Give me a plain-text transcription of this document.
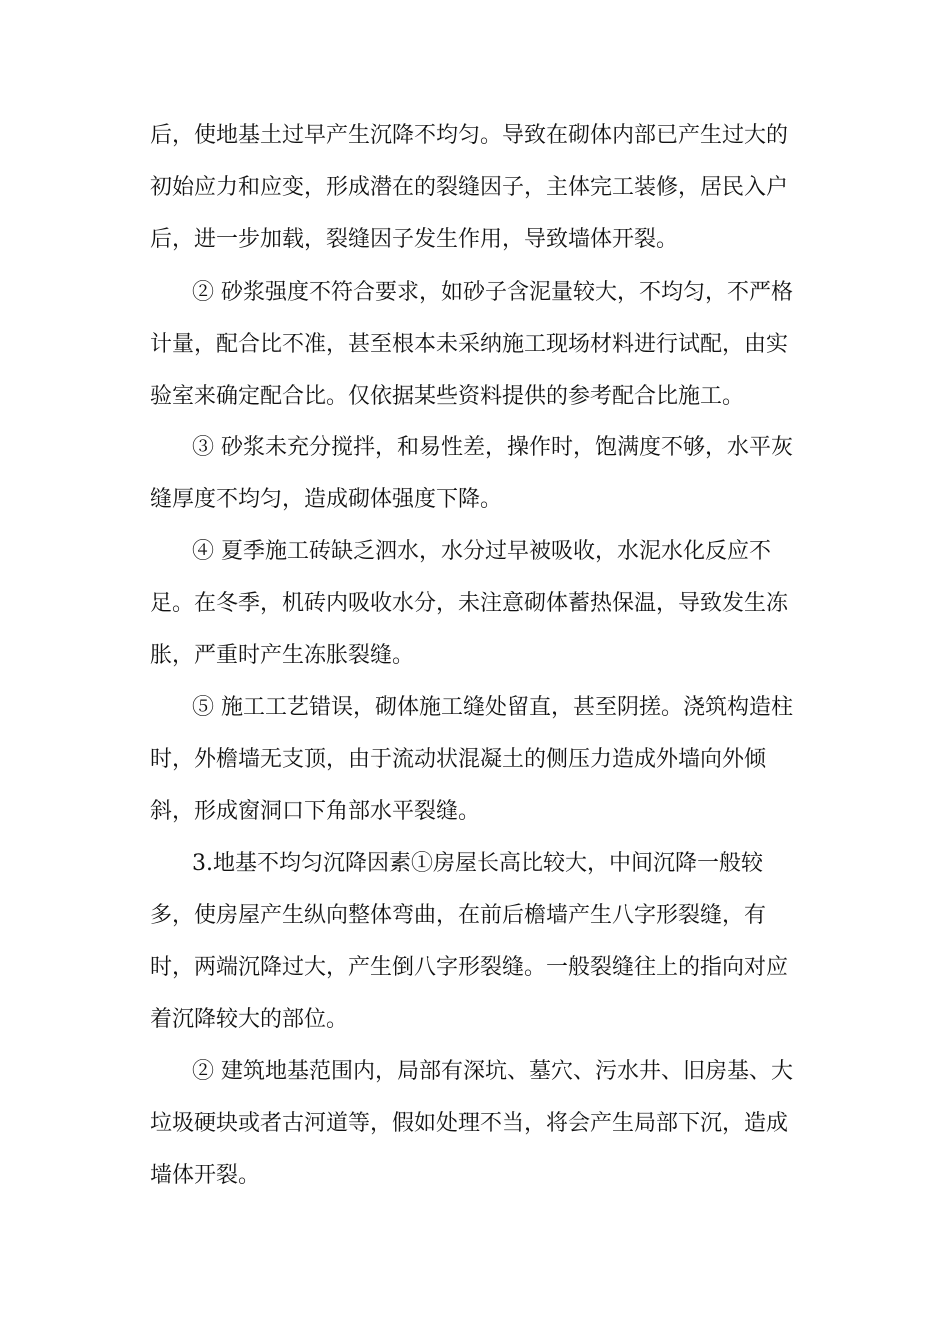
后，使地基土过早产生沉降不均匀。导致在砌体内部已产生过大的
初始应力和应变，形成潜在的裂缝因子，主体完工装修，居民入户
后，进一步加载，裂缝因子发生作用，导致墙体开裂。
② 砂浆强度不符合要求，如砂子含泥量较大，不均匀，不严格
计量，配合比不准，甚至根本未采纳施工现场材料进行试配，由实
验室来确定配合比。仅依据某些资料提供的参考配合比施工。
③ 砂浆未充分搅拌，和易性差，操作时，饱满度不够，水平灰
缝厚度不均匀，造成砌体强度下降。
④ 夏季施工砖缺乏泗水，水分过早被吸收，水泥水化反应不
足。在冬季，机砖内吸收水分，未注意砌体蓄热保温，导致发生冻
胀，严重时产生冻胀裂缝。
⑤ 施工工艺错误，砌体施工缝处留直，甚至阴搓。浇筑构造柱
时，外檐墙无支顶，由于流动状混凝土的侧压力造成外墙向外倾
斜，形成窗洞口下角部水平裂缝。
3.地基不均匀沉降因素①房屋长高比较大，中间沉降一般较
多，使房屋产生纵向整体弯曲，在前后檐墙产生八字形裂缝，有
时，两端沉降过大，产生倒八字形裂缝。一般裂缝往上的指向对应
着沉降较大的部位。
② 建筑地基范围内，局部有深坑、墓穴、污水井、旧房基、大
垃圾硬块或者古河道等，假如处理不当，将会产生局部下沉，造成
墙体开裂。
